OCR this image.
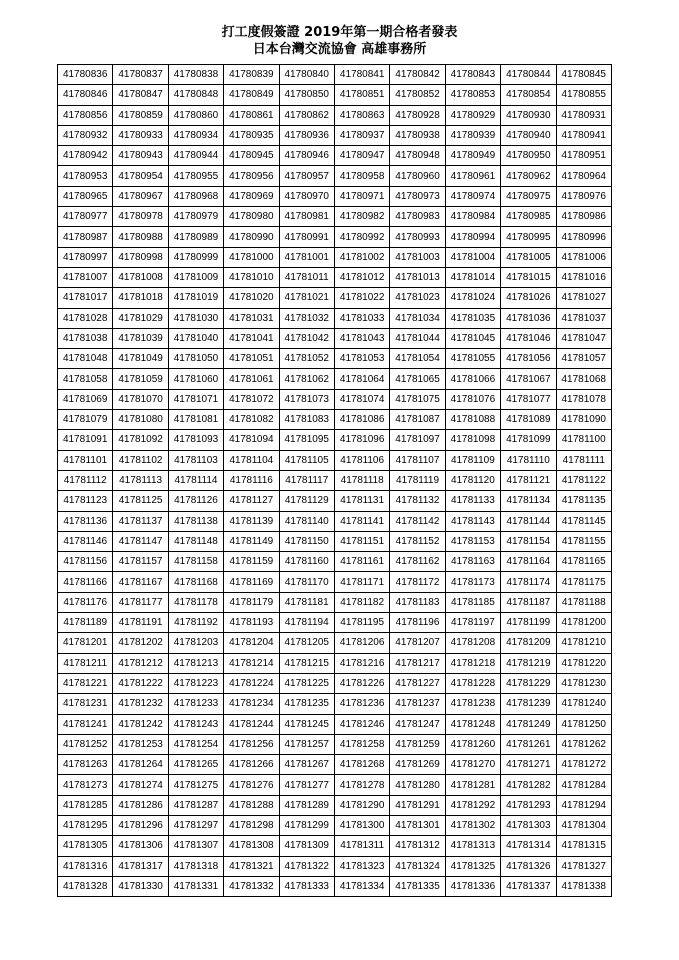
打工度假簽證 2019年第一期合格者發表
日本台灣交流協會 高雄事務所
41780836	41780837	41780838	41780839	41780840	41780841	41780842	41780843	41780844	41780845
41780846	41780847	41780848	41780849	41780850	41780851	41780852	41780853	41780854	41780855
41780856	41780859	41780860	41780861	41780862	41780863	41780928	41780929	41780930	41780931
41780932	41780933	41780934	41780935	41780936	41780937	41780938	41780939	41780940	41780941
41780942	41780943	41780944	41780945	41780946	41780947	41780948	41780949	41780950	41780951
41780953	41780954	41780955	41780956	41780957	41780958	41780960	41780961	41780962	41780964
41780965	41780967	41780968	41780969	41780970	41780971	41780973	41780974	41780975	41780976
41780977	41780978	41780979	41780980	41780981	41780982	41780983	41780984	41780985	41780986
41780987	41780988	41780989	41780990	41780991	41780992	41780993	41780994	41780995	41780996
41780997	41780998	41780999	41781000	41781001	41781002	41781003	41781004	41781005	41781006
41781007	41781008	41781009	41781010	41781011	41781012	41781013	41781014	41781015	41781016
41781017	41781018	41781019	41781020	41781021	41781022	41781023	41781024	41781026	41781027
41781028	41781029	41781030	41781031	41781032	41781033	41781034	41781035	41781036	41781037
41781038	41781039	41781040	41781041	41781042	41781043	41781044	41781045	41781046	41781047
41781048	41781049	41781050	41781051	41781052	41781053	41781054	41781055	41781056	41781057
41781058	41781059	41781060	41781061	41781062	41781064	41781065	41781066	41781067	41781068
41781069	41781070	41781071	41781072	41781073	41781074	41781075	41781076	41781077	41781078
41781079	41781080	41781081	41781082	41781083	41781086	41781087	41781088	41781089	41781090
41781091	41781092	41781093	41781094	41781095	41781096	41781097	41781098	41781099	41781100
41781101	41781102	41781103	41781104	41781105	41781106	41781107	41781109	41781110	41781111
41781112	41781113	41781114	41781116	41781117	41781118	41781119	41781120	41781121	41781122
41781123	41781125	41781126	41781127	41781129	41781131	41781132	41781133	41781134	41781135
41781136	41781137	41781138	41781139	41781140	41781141	41781142	41781143	41781144	41781145
41781146	41781147	41781148	41781149	41781150	41781151	41781152	41781153	41781154	41781155
41781156	41781157	41781158	41781159	41781160	41781161	41781162	41781163	41781164	41781165
41781166	41781167	41781168	41781169	41781170	41781171	41781172	41781173	41781174	41781175
41781176	41781177	41781178	41781179	41781181	41781182	41781183	41781185	41781187	41781188
41781189	41781191	41781192	41781193	41781194	41781195	41781196	41781197	41781199	41781200
41781201	41781202	41781203	41781204	41781205	41781206	41781207	41781208	41781209	41781210
41781211	41781212	41781213	41781214	41781215	41781216	41781217	41781218	41781219	41781220
41781221	41781222	41781223	41781224	41781225	41781226	41781227	41781228	41781229	41781230
41781231	41781232	41781233	41781234	41781235	41781236	41781237	41781238	41781239	41781240
41781241	41781242	41781243	41781244	41781245	41781246	41781247	41781248	41781249	41781250
41781252	41781253	41781254	41781256	41781257	41781258	41781259	41781260	41781261	41781262
41781263	41781264	41781265	41781266	41781267	41781268	41781269	41781270	41781271	41781272
41781273	41781274	41781275	41781276	41781277	41781278	41781280	41781281	41781282	41781284
41781285	41781286	41781287	41781288	41781289	41781290	41781291	41781292	41781293	41781294
41781295	41781296	41781297	41781298	41781299	41781300	41781301	41781302	41781303	41781304
41781305	41781306	41781307	41781308	41781309	41781311	41781312	41781313	41781314	41781315
41781316	41781317	41781318	41781321	41781322	41781323	41781324	41781325	41781326	41781327
41781328	41781330	41781331	41781332	41781333	41781334	41781335	41781336	41781337	41781338
